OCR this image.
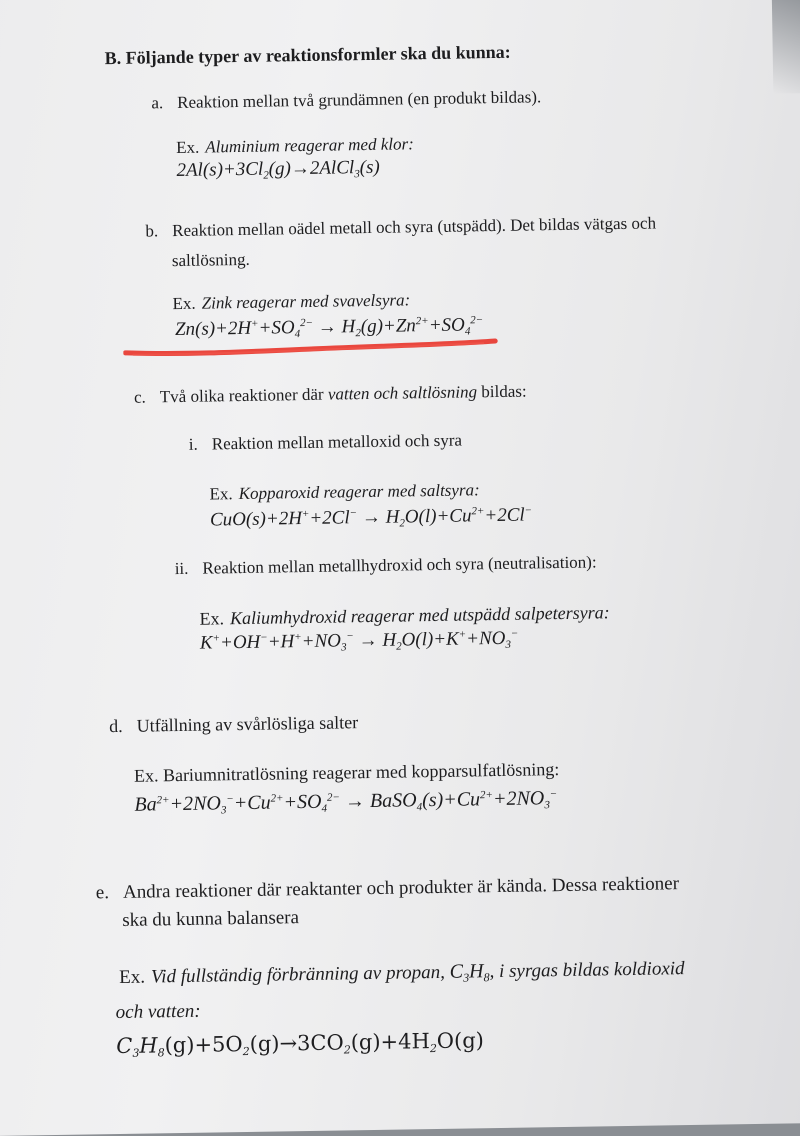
B. Följande typer av reaktionsformler ska du kunna:
a. Reaktion mellan två grundämnen (en produkt bildas).
Ex. Aluminium reagerar med klor:
$2Al(s)+3Cl_2(g)\to 2AlCl_3(s)$
b. Reaktion mellan oädel metall och syra (utspädd). Det bildas vätgas och
saltlösning.
Ex. Zink reagerar med svavelsyra:
$Zn(s)+2H^++SO_4^{2-} \to H_2(g)+Zn^{2+}+SO_4^{2-}$
c. Två olika reaktioner där vatten och saltlösning bildas:
i. Reaktion mellan metalloxid och syra
Ex. Kopparoxid reagerar med saltsyra:
$CuO(s)+2H^++2Cl^- \to H_2O(l)+Cu^{2+}+2Cl^-$
ii. Reaktion mellan metallhydroxid och syra (neutralisation):
Ex. Kaliumhydroxid reagerar med utspädd salpetersyra:
$K^++OH^-+H^++NO_3^- \to H_2O(l)+K^++NO_3^-$
d. Utfällning av svårlösliga salter
Ex. Bariumnitratlösning reagerar med kopparsulfatlösning:
$Ba^{2+}+2NO_3^-+Cu^{2+}+SO_4^{2-}$ → $BaSO_4(s)+Cu^{2+}+2NO_3^-$
e. Andra reaktioner där reaktanter och produkter är kända. Dessa reaktioner
ska du kunna balansera
Ex. Vid fullständig förbränning av propan, $C_3H_8$, i syrgas bildas koldioxid
och vatten:
$C_3H_8(g)+5O_2(g)\to 3CO_2(g)+4H_2O(g)$
